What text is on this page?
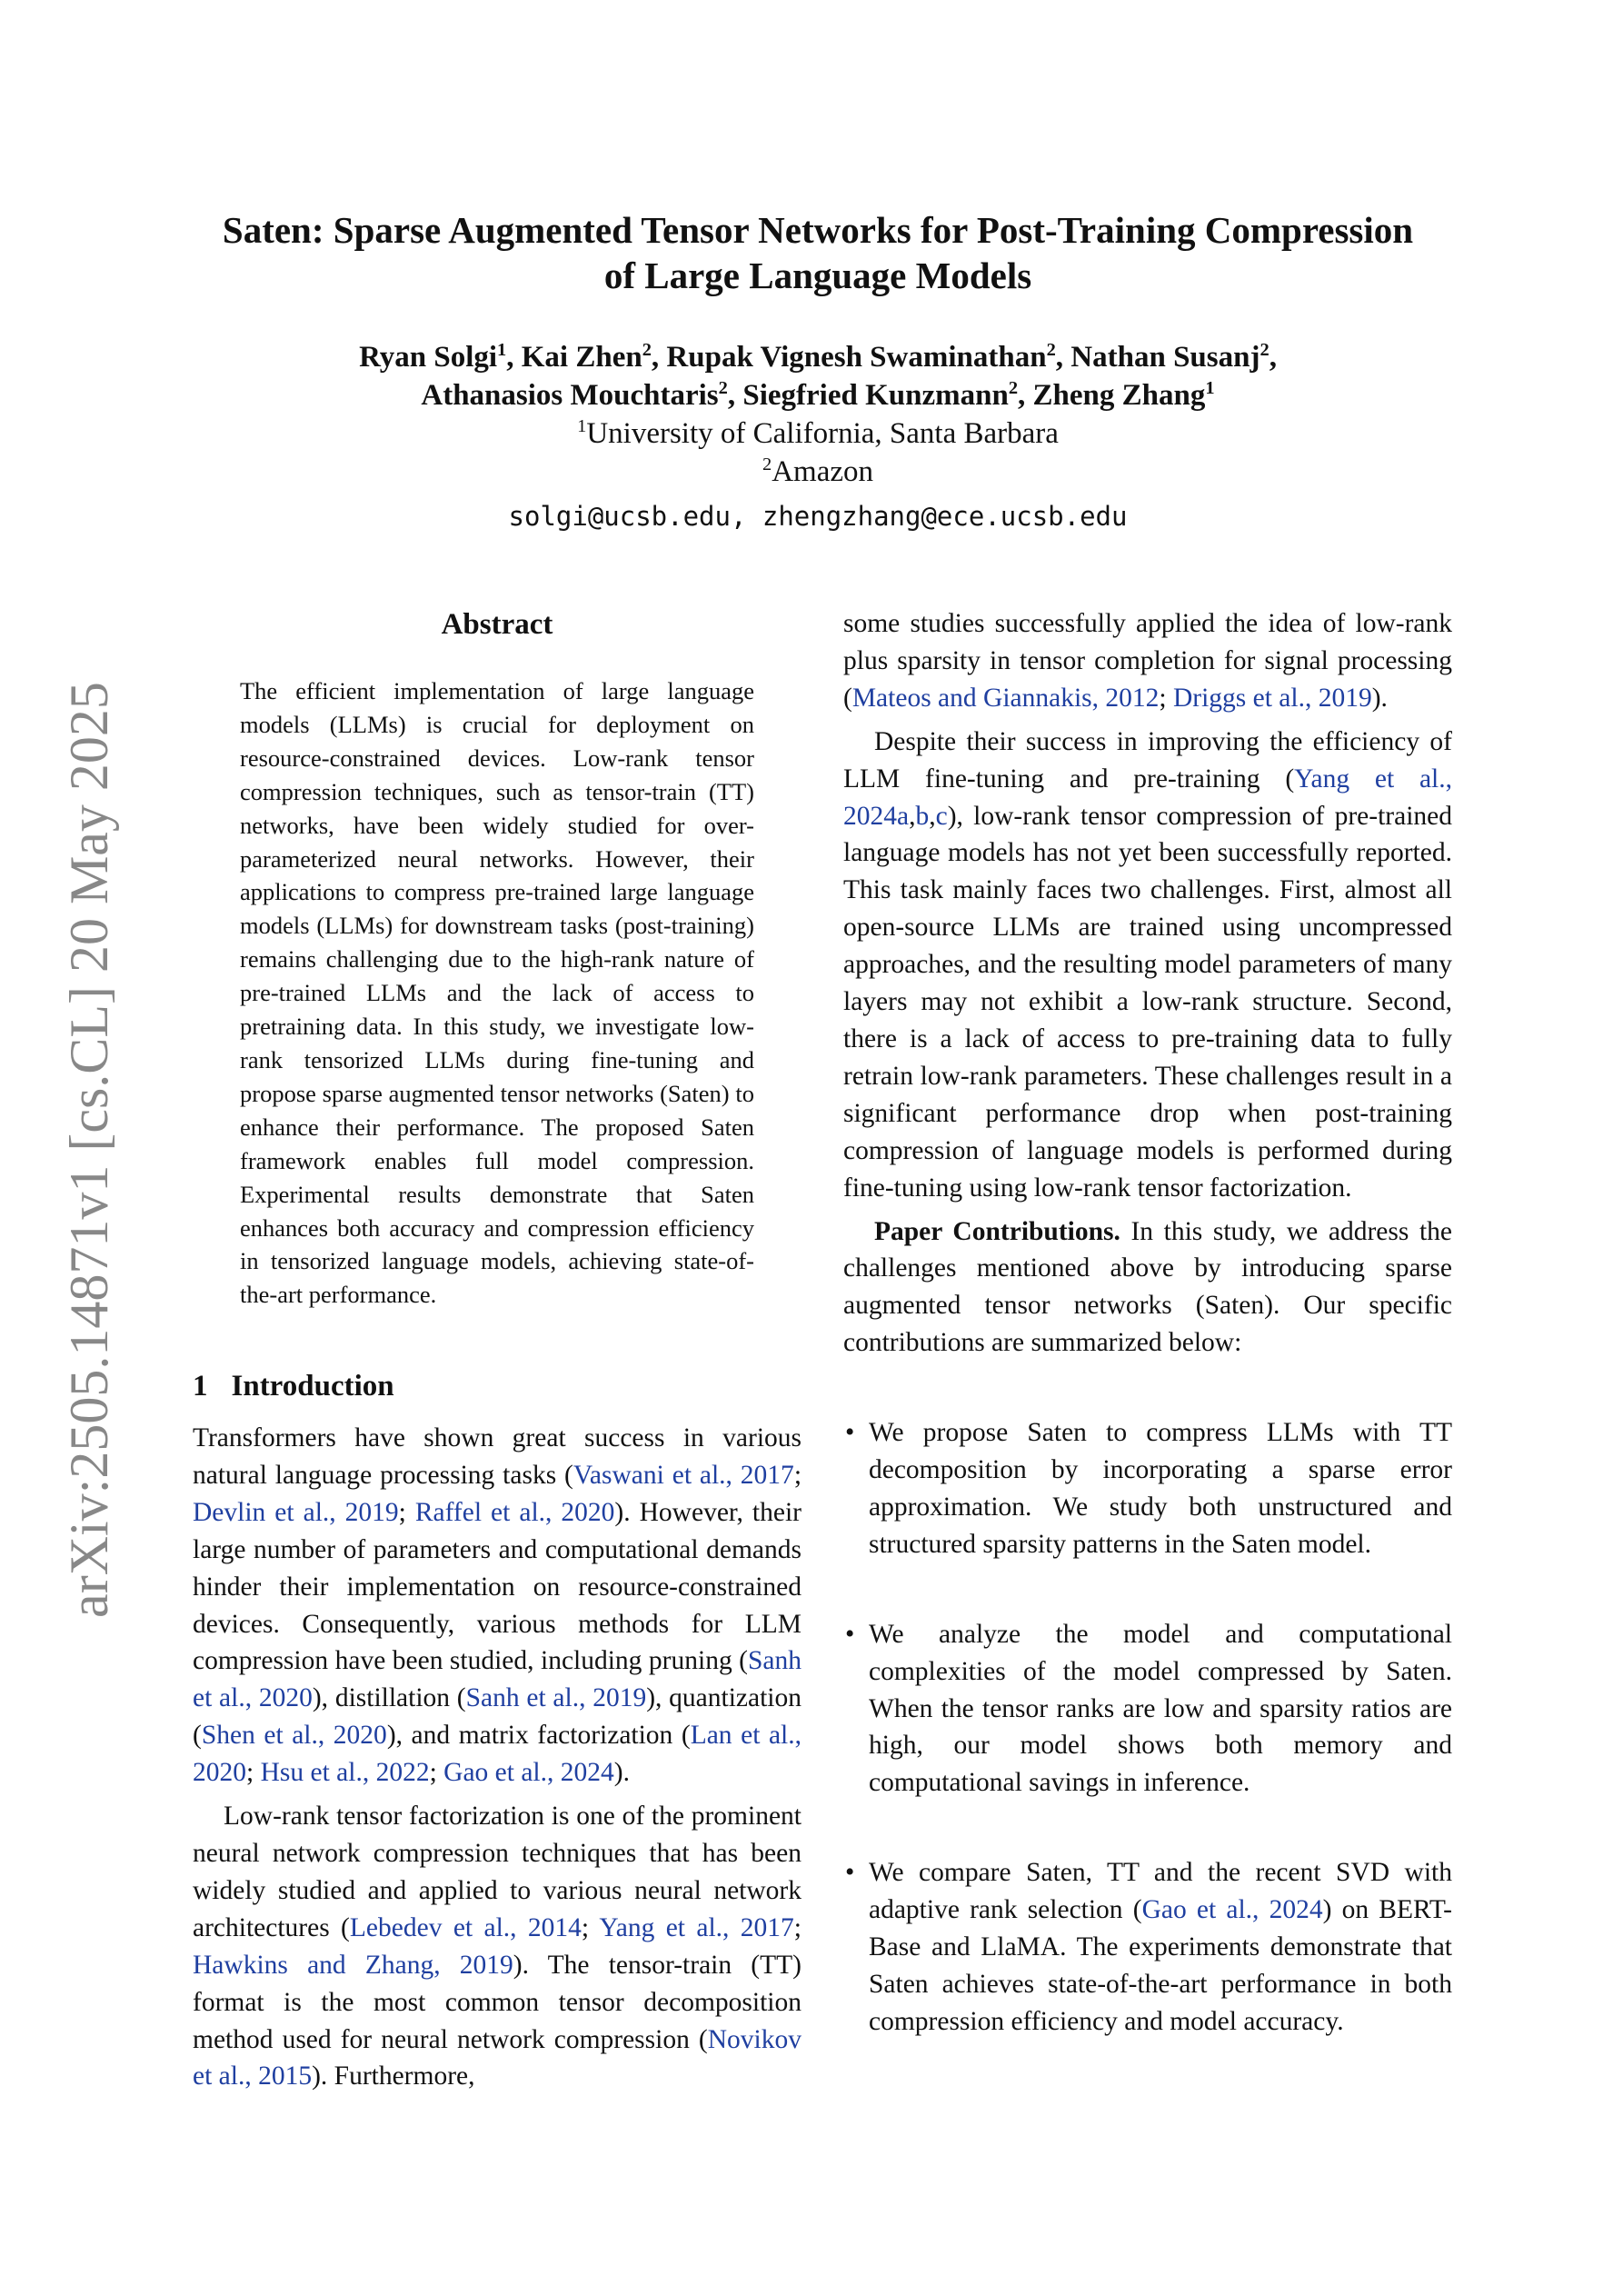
arXiv:2505.14871v1 [cs.CL] 20 May 2025
Saten: Sparse Augmented Tensor Networks for Post-Training Compression
of Large Language Models
Ryan Solgi$^1$, Kai Zhen$^2$, Rupak Vignesh Swaminathan$^2$, Nathan Susanj$^2$,
Athanasios Mouchtaris$^2$, Siegfried Kunzmann$^2$, Zheng Zhang$^1$
$^1$University of California, Santa Barbara
$^2$Amazon
solgi@ucsb.edu, zhengzhang@ece.ucsb.edu
Abstract
The efficient implementation of large language models (LLMs) is crucial for deployment on resource-constrained devices. Low-rank tensor compression techniques, such as tensor-train (TT) networks, have been widely studied for over-parameterized neural networks. However, their applications to compress pre-trained large language models (LLMs) for downstream tasks (post-training) remains challenging due to the high-rank nature of pre-trained LLMs and the lack of access to pretraining data. In this study, we investigate low-rank tensorized LLMs during fine-tuning and propose sparse augmented tensor networks (Saten) to enhance their performance. The proposed Saten framework enables full model compression. Experimental results demonstrate that Saten enhances both accuracy and compression efficiency in tensorized language models, achieving state-of-the-art performance.
1 Introduction

Transformers have shown great success in various natural language processing tasks (Vaswani et al., 2017; Devlin et al., 2019; Raffel et al., 2020). However, their large number of parameters and computational demands hinder their implementation on resource-constrained devices. Consequently, various methods for LLM compression have been studied, including pruning (Sanh et al., 2020), distillation (Sanh et al., 2019), quantization (Shen et al., 2020), and matrix factorization (Lan et al., 2020; Hsu et al., 2022; Gao et al., 2024).

Low-rank tensor factorization is one of the prominent neural network compression techniques that has been widely studied and applied to various neural network architectures (Lebedev et al., 2014; Yang et al., 2017; Hawkins and Zhang, 2019). The tensor-train (TT) format is the most common tensor decomposition method used for neural network compression (Novikov et al., 2015). Furthermore,

some studies successfully applied the idea of low-rank plus sparsity in tensor completion for signal processing (Mateos and Giannakis, 2012; Driggs et al., 2019).

Despite their success in improving the efficiency of LLM fine-tuning and pre-training (Yang et al., 2024a,b,c), low-rank tensor compression of pre-trained language models has not yet been successfully reported. This task mainly faces two challenges. First, almost all open-source LLMs are trained using uncompressed approaches, and the resulting model parameters of many layers may not exhibit a low-rank structure. Second, there is a lack of access to pre-training data to fully retrain low-rank parameters. These challenges result in a significant performance drop when post-training compression of language models is performed during fine-tuning using low-rank tensor factorization.

Paper Contributions. In this study, we address the challenges mentioned above by introducing sparse augmented tensor networks (Saten). Our specific contributions are summarized below:

• We propose Saten to compress LLMs with TT decomposition by incorporating a sparse error approximation. We study both unstructured and structured sparsity patterns in the Saten model.
• We analyze the model and computational complexities of the model compressed by Saten. When the tensor ranks are low and sparsity ratios are high, our model shows both memory and computational savings in inference.
• We compare Saten, TT and the recent SVD with adaptive rank selection (Gao et al., 2024) on BERT-Base and LlaMA. The experiments demonstrate that Saten achieves state-of-the-art performance in both compression efficiency and model accuracy.
